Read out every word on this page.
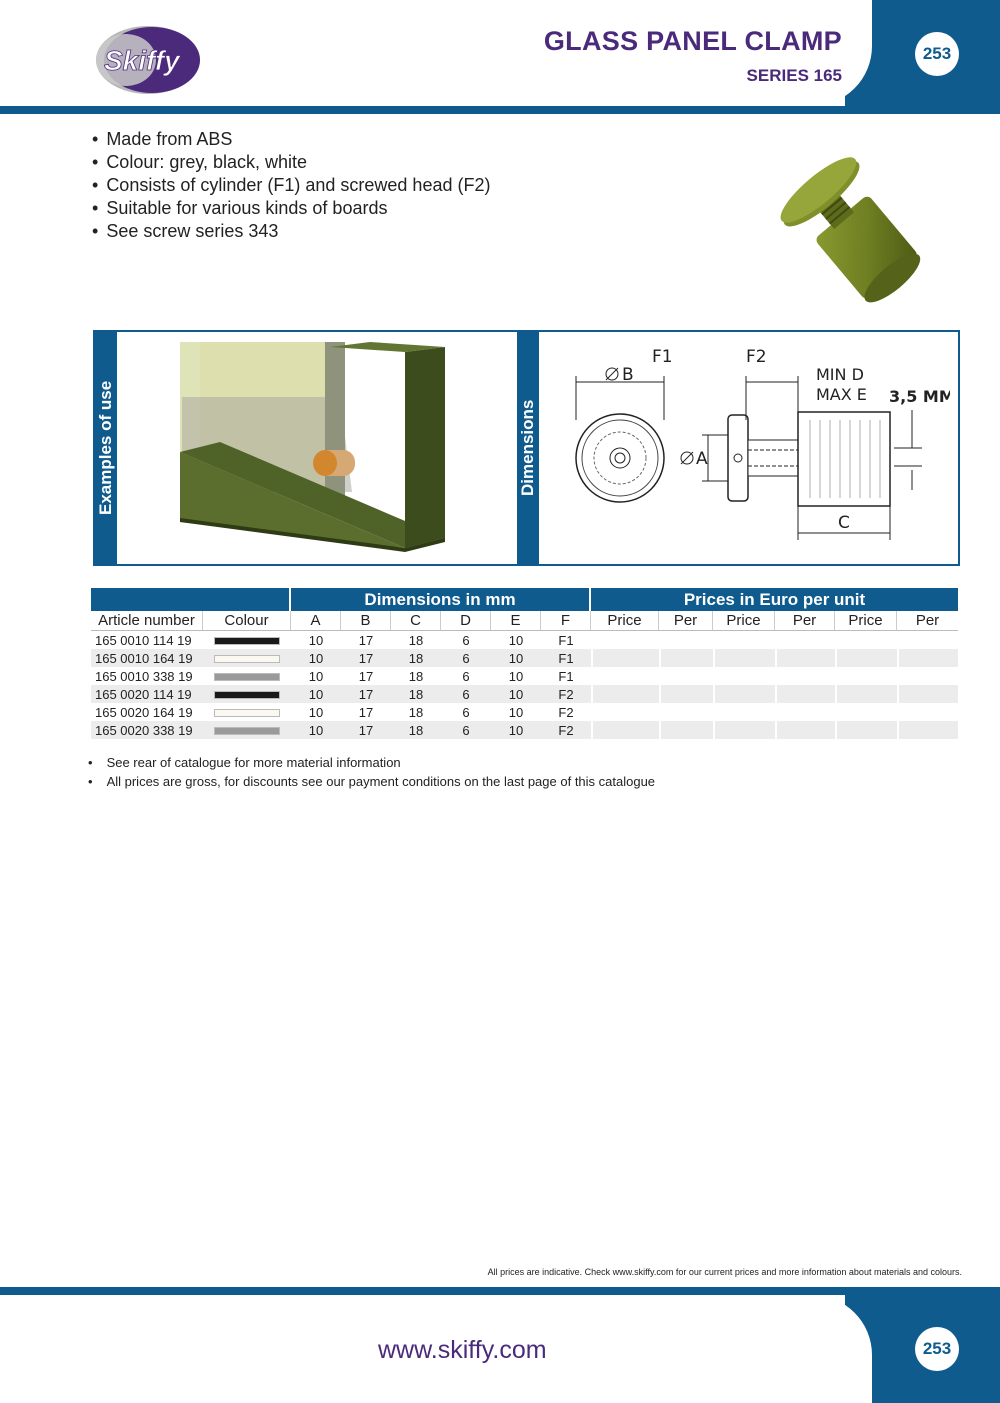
Skiffy
GLASS PANEL CLAMP
SERIES 165
253
• Made from ABS
• Colour: grey, black, white
• Consists of cylinder (F1) and screwed head (F2)
• Suitable for various kinds of boards
• See screw series 343
Examples of use	Dimensions
F1	F2
B
A
C
MIN D
MAX E 3,5 MM
		Dimensions in mm						Prices in Euro per unit					
Article number	Colour	A	B	C	D	E	F	Price	Per	Price	Per	Price	Per
165 0010 114 19		10	17	18	6	10	F1						
165 0010 164 19		10	17	18	6	10	F1						
165 0010 338 19		10	17	18	6	10	F1						
165 0020 114 19		10	17	18	6	10	F2						
165 0020 164 19		10	17	18	6	10	F2						
165 0020 338 19		10	17	18	6	10	F2						
• See rear of catalogue for more material information
• All prices are gross, for discounts see our payment conditions on the last page of this catalogue
All prices are indicative. Check www.skiffy.com for our current prices and more information about materials and colours.
www.skiffy.com	253
